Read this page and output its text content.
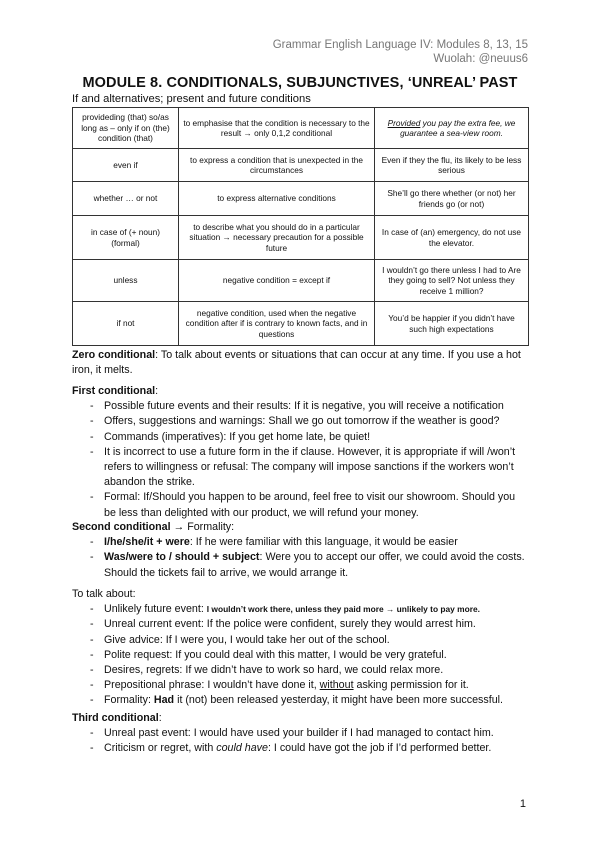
Grammar English Language IV: Modules 8, 13, 15
Wuolah: @neuus6
MODULE 8. CONDITIONALS, SUBJUNCTIVES, ‘UNREAL’ PAST
If and alternatives; present and future conditions
provideding (that) so/as long as – only if on (the) condition (that)	to emphasise that the condition is necessary to the result → only 0,1,2 conditional	Provided you pay the extra fee, we guarantee a sea-view room.
even if	to express a condition that is unexpected in the circumstances	Even if they the flu, its likely to be less serious
whether … or not	to express alternative conditions	She’ll go there whether (or not) her friends go (or not)
in case of (+ noun) (formal)	to describe what you should do in a particular situation → necessary precaution for a possible future	In case of (an) emergency, do not use the elevator.
unless	negative condition = except if	I wouldn’t go there unless I had to Are they going to sell? Not unless they receive 1 million?
if not	negative condition, used when the negative condition after if is contrary to known facts, and in questions	You’d be happier if you didn’t have such high expectations

Zero conditional: To talk about events or situations that can occur at any time. If you use a hot iron, it melts.

First conditional:

- Possible future events and their results: If it is negative, you will receive a notification
- Offers, suggestions and warnings: Shall we go out tomorrow if the weather is good?
- Commands (imperatives): If you get home late, be quiet!
- It is incorrect to use a future form in the if clause. However, it is appropriate if will /won’t refers to willingness or refusal: The company will impose sanctions if the workers won’t abandon the strike.
- Formal: If/Should you happen to be around, feel free to visit our showroom. Should you be less than delighted with our product, we will refund your money.

Second conditional → Formality:

- I/he/she/it + were: If he were familiar with this language, it would be easier
- Was/were to / should + subject: Were you to accept our offer, we could avoid the costs. Should the tickets fail to arrive, we would arrange it.

To talk about:

- Unlikely future event: I wouldn’t work there, unless they paid more → unlikely to pay more.
- Unreal current event: If the police were confident, surely they would arrest him.
- Give advice: If I were you, I would take her out of the school.
- Polite request: If you could deal with this matter, I would be very grateful.
- Desires, regrets: If we didn’t have to work so hard, we could relax more.
- Prepositional phrase: I wouldn’t have done it, without asking permission for it.
- Formality: Had it (not) been released yesterday, it might have been more successful.

Third conditional:

- Unreal past event: I would have used your builder if I had managed to contact him.
- Criticism or regret, with could have: I could have got the job if I’d performed better.
1
